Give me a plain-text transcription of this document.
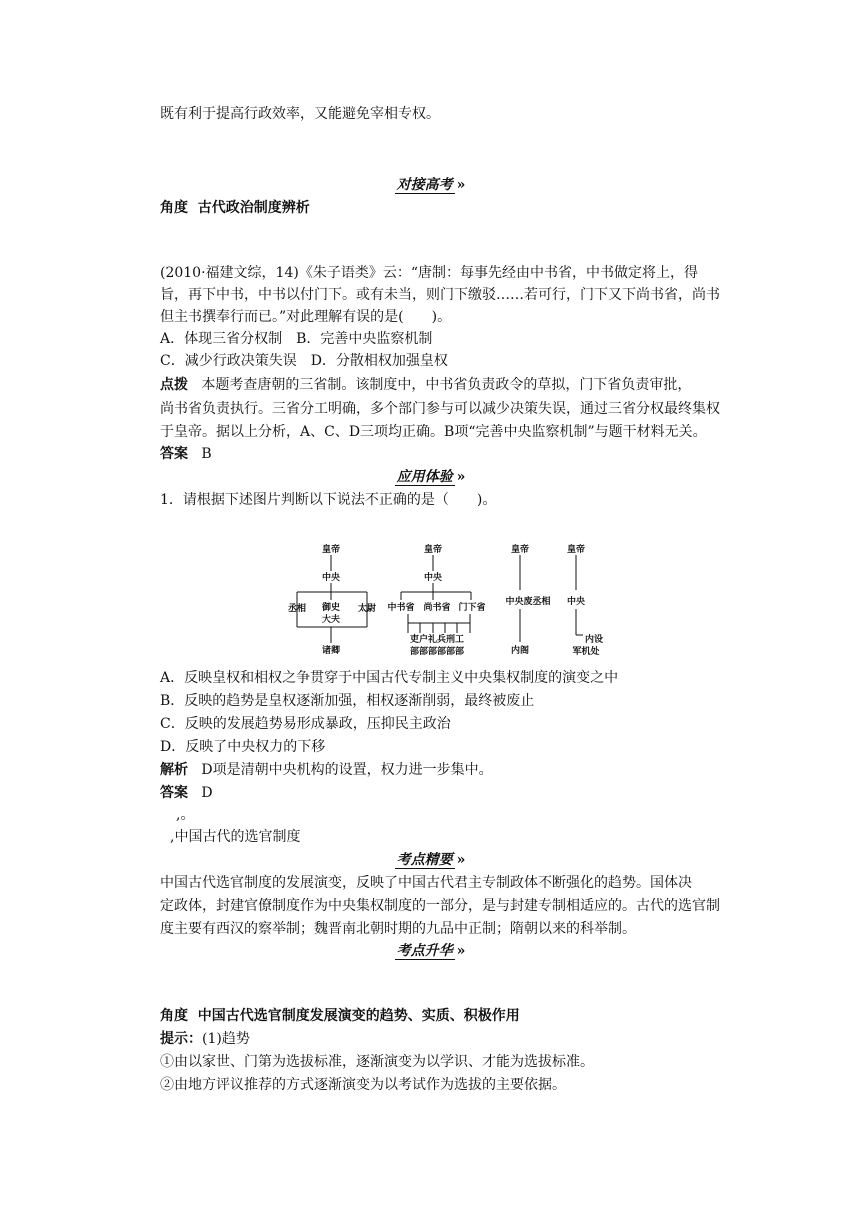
既有利于提高行政效率，又能避免宰相专权。
对接高考 »
角度 古代政治制度辨析
(2010·福建文综，14)《朱子语类》云：“唐制：每事先经由中书省，中书做定将上，得
旨，再下中书，中书以付门下。或有未当，则门下缴驳……若可行，门下又下尚书省，尚书
但主书撰奉行而已。”对此理解有误的是(　　)。
A．体现三省分权制　B．完善中央监察机制
C．减少行政决策失误　D．分散相权加强皇权
点拨 本题考查唐朝的三省制。该制度中，中书省负责政令的草拟，门下省负责审批，
尚书省负责执行。三省分工明确，多个部门参与可以减少决策失误，通过三省分权最终集权
于皇帝。据以上分析，A、C、D三项均正确。B项“完善中央监察机制”与题干材料无关。
答案 B
应用体验 »
1．请根据下述图片判断以下说法不正确的是（　　)。
皇帝
中央
丞相 御史
大夫
太尉
诸卿
皇帝
中央
中书省 尚书省 门下省
吏户礼兵刑工
部部部部部部
皇帝
中央废丞相
内阁
皇帝
中央
内设
军机处
A．反映皇权和相权之争贯穿于中国古代专制主义中央集权制度的演变之中
B．反映的趋势是皇权逐渐加强，相权逐渐削弱，最终被废止
C．反映的发展趋势易形成暴政，压抑民主政治
D．反映了中央权力的下移
解析 D项是清朝中央机构的设置，权力进一步集中。
答案 D
,。
,中国古代的选官制度
考点精要 »
中国古代选官制度的发展演变，反映了中国古代君主专制政体不断强化的趋势。国体决
定政体，封建官僚制度作为中央集权制度的一部分，是与封建专制相适应的。古代的选官制
度主要有西汉的察举制；魏晋南北朝时期的九品中正制；隋朝以来的科举制。
考点升华 »
角度 中国古代选官制度发展演变的趋势、实质、积极作用
提示：(1)趋势
①由以家世、门第为选拔标准，逐渐演变为以学识、才能为选拔标准。
②由地方评议推荐的方式逐渐演变为以考试作为选拔的主要依据。
